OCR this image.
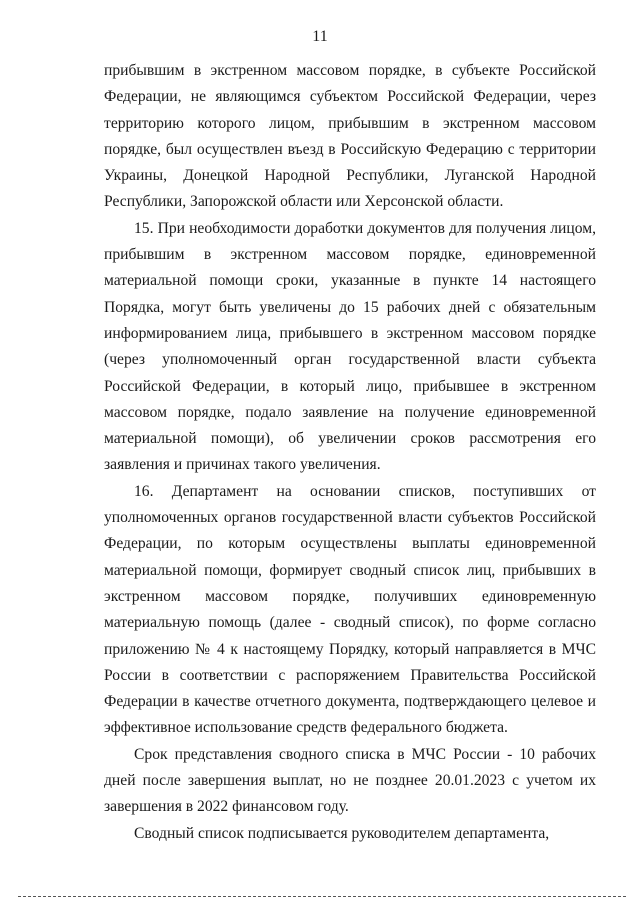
11

прибывшим в экстренном массовом порядке, в субъекте Российской Федерации, не являющимся субъектом Российской Федерации, через территорию которого лицом, прибывшим в экстренном массовом порядке, был осуществлен въезд в Российскую Федерацию с территории Украины, Донецкой Народной Республики, Луганской Народной Республики, Запорожской области или Херсонской области.

15. При необходимости доработки документов для получения лицом, прибывшим в экстренном массовом порядке, единовременной материальной помощи сроки, указанные в пункте 14 настоящего Порядка, могут быть увеличены до 15 рабочих дней с обязательным информированием лица, прибывшего в экстренном массовом порядке (через уполномоченный орган государственной власти субъекта Российской Федерации, в который лицо, прибывшее в экстренном массовом порядке, подало заявление на получение единовременной материальной помощи), об увеличении сроков рассмотрения его заявления и причинах такого увеличения.

16. Департамент на основании списков, поступивших от уполномоченных органов государственной власти субъектов Российской Федерации, по которым осуществлены выплаты единовременной материальной помощи, формирует сводный список лиц, прибывших в экстренном массовом порядке, получивших единовременную материальную помощь (далее - сводный список), по форме согласно приложению № 4 к настоящему Порядку, который направляется в МЧС России в соответствии с распоряжением Правительства Российской Федерации в качестве отчетного документа, подтверждающего целевое и эффективное использование средств федерального бюджета.

Срок представления сводного списка в МЧС России - 10 рабочих дней после завершения выплат, но не позднее 20.01.2023 с учетом их завершения в 2022 финансовом году.

Сводный список подписывается руководителем департамента,
